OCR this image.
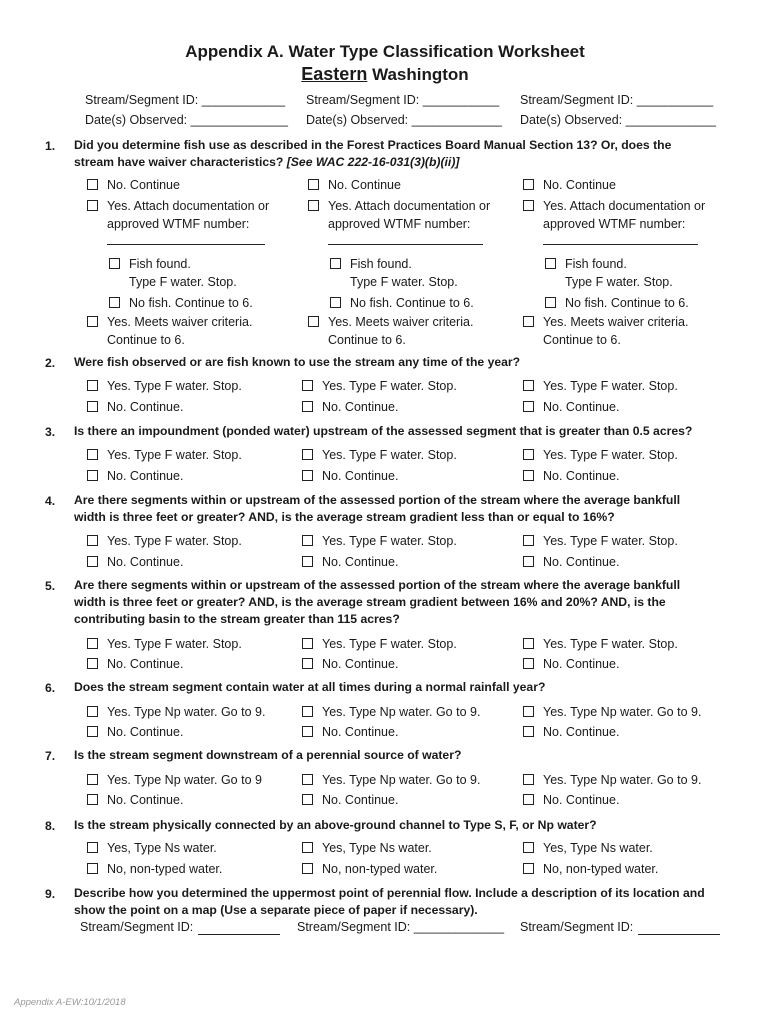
Appendix A. Water Type Classification Worksheet
Eastern Washington
Stream/Segment ID: ____________
Date(s) Observed: ______________
Stream/Segment ID: ___________
Date(s) Observed: _____________
Stream/Segment ID: ___________
Date(s) Observed: _____________
1. Did you determine fish use as described in the Forest Practices Board Manual Section 13? Or, does the
stream have waiver characteristics? [See WAC 222-16-031(3)(b)(ii)]
No. Continue
Yes. Attach documentation or
approved WTMF number:
Fish found.
Type F water. Stop.
No fish. Continue to 6.
Yes. Meets waiver criteria.
Continue to 6.
No. Continue
Yes. Attach documentation or
approved WTMF number:
Fish found.
Type F water. Stop.
No fish. Continue to 6.
Yes. Meets waiver criteria.
Continue to 6.
No. Continue
Yes. Attach documentation or
approved WTMF number:
Fish found.
Type F water. Stop.
No fish. Continue to 6.
Yes. Meets waiver criteria.
Continue to 6.
2. Were fish observed or are fish known to use the stream any time of the year?
Yes. Type F water. Stop.
No. Continue.
Yes. Type F water. Stop.
No. Continue.
Yes. Type F water. Stop.
No. Continue.
3. Is there an impoundment (ponded water) upstream of the assessed segment that is greater than 0.5 acres?
Yes. Type F water. Stop.
No. Continue.
Yes. Type F water. Stop.
No. Continue.
Yes. Type F water. Stop.
No. Continue.
4. Are there segments within or upstream of the assessed portion of the stream where the average bankfull
width is three feet or greater? AND, is the average stream gradient less than or equal to 16%?
Yes. Type F water. Stop.
No. Continue.
Yes. Type F water. Stop.
No. Continue.
Yes. Type F water. Stop.
No. Continue.
5. Are there segments within or upstream of the assessed portion of the stream where the average bankfull
width is three feet or greater? AND, is the average stream gradient between 16% and 20%? AND, is the
contributing basin to the stream greater than 115 acres?
Yes. Type F water. Stop.
No. Continue.
Yes. Type F water. Stop.
No. Continue.
Yes. Type F water. Stop.
No. Continue.
6. Does the stream segment contain water at all times during a normal rainfall year?
Yes. Type Np water. Go to 9.
No. Continue.
Yes. Type Np water. Go to 9.
No. Continue.
Yes. Type Np water. Go to 9.
No. Continue.
7. Is the stream segment downstream of a perennial source of water?
Yes. Type Np water. Go to 9
No. Continue.
Yes. Type Np water. Go to 9.
No. Continue.
Yes. Type Np water. Go to 9.
No. Continue.
8. Is the stream physically connected by an above-ground channel to Type S, F, or Np water?
Yes, Type Ns water.
No, non-typed water.
Yes, Type Ns water.
No, non-typed water.
Yes, Type Ns water.
No, non-typed water.
9. Describe how you determined the uppermost point of perennial flow. Include a description of its location and
show the point on a map (Use a separate piece of paper if necessary).
Stream/Segment ID:	Stream/Segment ID: _____________ Stream/Segment ID:
Appendix A-EW:10/1/2018
